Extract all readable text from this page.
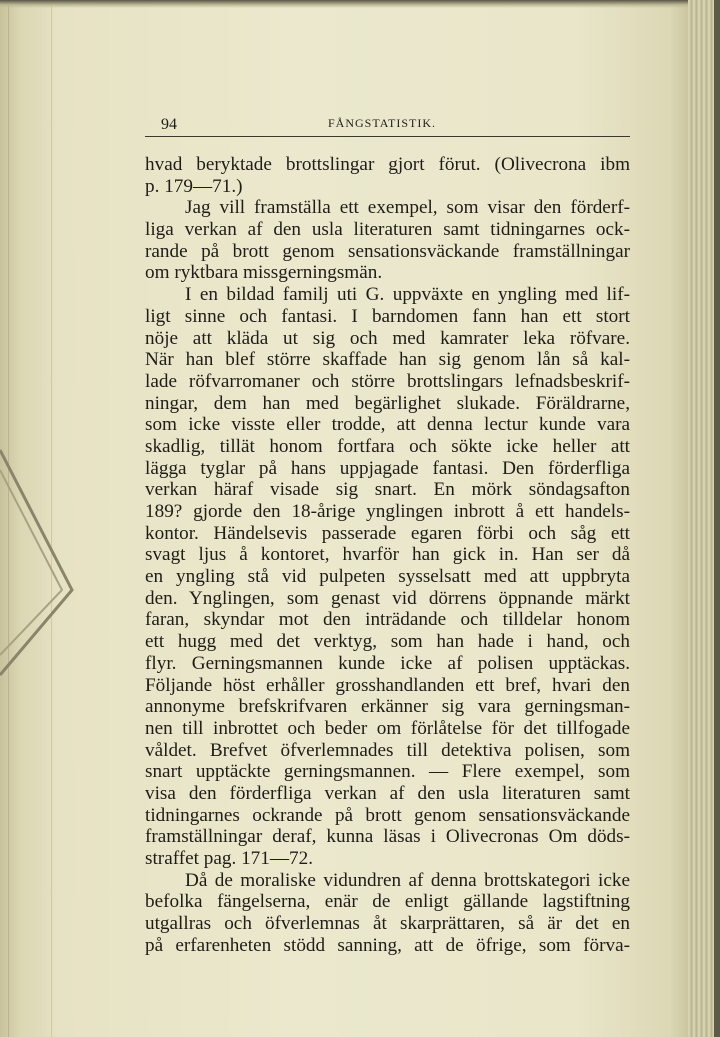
94	FÅNGSTATISTIK.
hvad beryktade brottslingar gjort förut. (Olivecrona ibm
p. 179—71.)
Jag vill framställa ett exempel, som visar den förderf-
liga verkan af den usla literaturen samt tidningarnes ock-
rande på brott genom sensationsväckande framställningar
om ryktbara missgerningsmän.
I en bildad familj uti G. uppväxte en yngling med lif-
ligt sinne och fantasi. I barndomen fann han ett stort
nöje att kläda ut sig och med kamrater leka röfvare.
När han blef större skaffade han sig genom lån så kal-
lade röfvarromaner och större brottslingars lefnadsbeskrif-
ningar, dem han med begärlighet slukade. Föräldrarne,
som icke visste eller trodde, att denna lectur kunde vara
skadlig, tillät honom fortfara och sökte icke heller att
lägga tyglar på hans uppjagade fantasi. Den förderfliga
verkan häraf visade sig snart. En mörk söndagsafton
189? gjorde den 18-årige ynglingen inbrott å ett handels-
kontor. Händelsevis passerade egaren förbi och såg ett
svagt ljus å kontoret, hvarför han gick in. Han ser då
en yngling stå vid pulpeten sysselsatt med att uppbryta
den. Ynglingen, som genast vid dörrens öppnande märkt
faran, skyndar mot den inträdande och tilldelar honom
ett hugg med det verktyg, som han hade i hand, och
flyr. Gerningsmannen kunde icke af polisen upptäckas.
Följande höst erhåller grosshandlanden ett bref, hvari den
annonyme brefskrifvaren erkänner sig vara gerningsman-
nen till inbrottet och beder om förlåtelse för det tillfogade
våldet. Brefvet öfverlemnades till detektiva polisen, som
snart upptäckte gerningsmannen. — Flere exempel, som
visa den förderfliga verkan af den usla literaturen samt
tidningarnes ockrande på brott genom sensationsväckande
framställningar deraf, kunna läsas i Olivecronas Om döds-
straffet pag. 171—72.
Då de moraliske vidundren af denna brottskategori icke
befolka fängelserna, enär de enligt gällande lagstiftning
utgallras och öfverlemnas åt skarprättaren, så är det en
på erfarenheten stödd sanning, att de öfrige, som förva-
